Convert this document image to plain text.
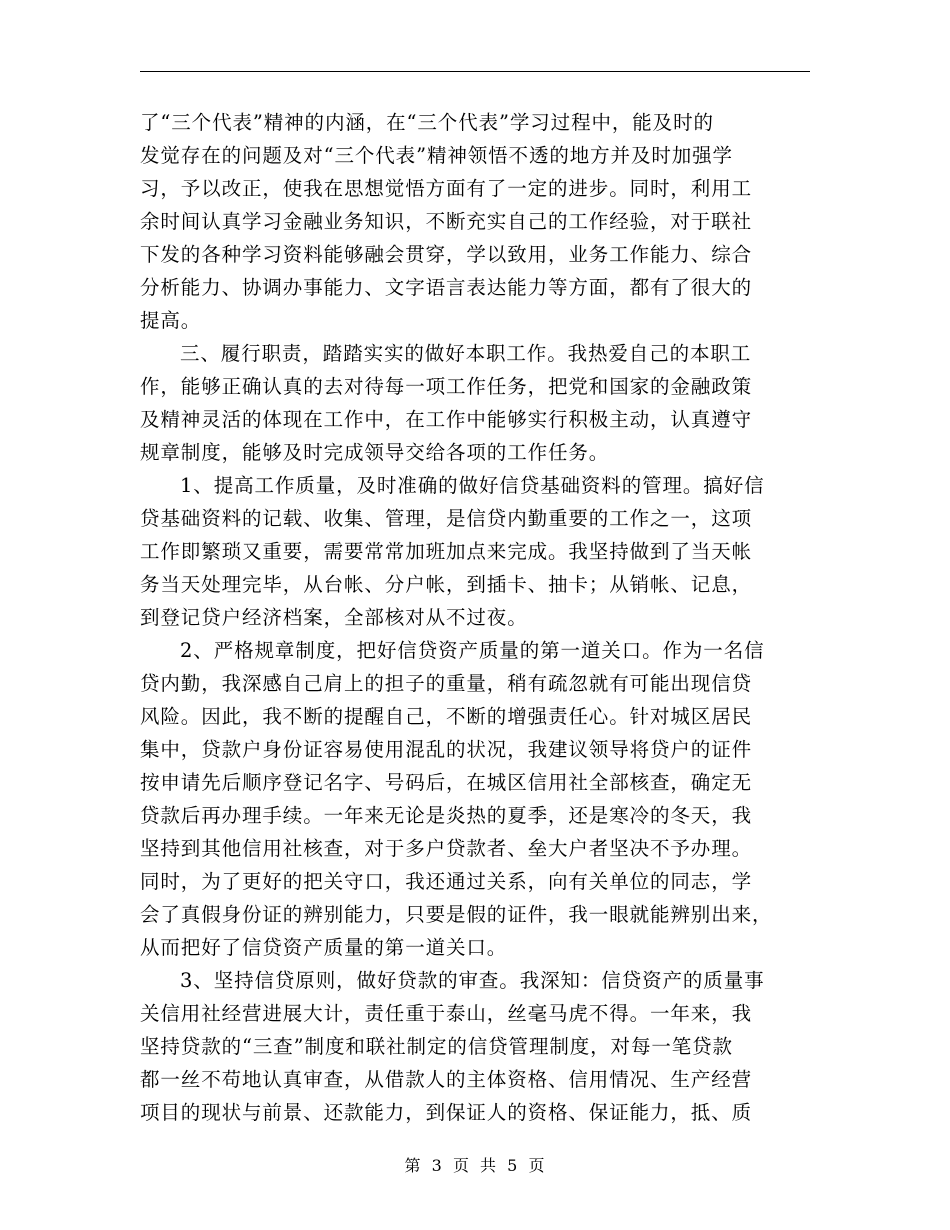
了“三个代表”精神的内涵，在“三个代表”学习过程中，能及时的
发觉存在的问题及对“三个代表”精神领悟不透的地方并及时加强学
习，予以改正，使我在思想觉悟方面有了一定的进步。同时，利用工
余时间认真学习金融业务知识，不断充实自己的工作经验，对于联社
下发的各种学习资料能够融会贯穿，学以致用，业务工作能力、综合
分析能力、协调办事能力、文字语言表达能力等方面，都有了很大的
提高。
三、履行职责，踏踏实实的做好本职工作。我热爱自己的本职工
作，能够正确认真的去对待每一项工作任务，把党和国家的金融政策
及精神灵活的体现在工作中，在工作中能够实行积极主动，认真遵守
规章制度，能够及时完成领导交给各项的工作任务。
1、提高工作质量，及时准确的做好信贷基础资料的管理。搞好信
贷基础资料的记载、收集、管理，是信贷内勤重要的工作之一，这项
工作即繁琐又重要，需要常常加班加点来完成。我坚持做到了当天帐
务当天处理完毕，从台帐、分户帐，到插卡、抽卡；从销帐、记息，
到登记贷户经济档案，全部核对从不过夜。
2、严格规章制度，把好信贷资产质量的第一道关口。作为一名信
贷内勤，我深感自己肩上的担子的重量，稍有疏忽就有可能出现信贷
风险。因此，我不断的提醒自己，不断的增强责任心。针对城区居民
集中，贷款户身份证容易使用混乱的状况，我建议领导将贷户的证件
按申请先后顺序登记名字、号码后，在城区信用社全部核查，确定无
贷款后再办理手续。一年来无论是炎热的夏季，还是寒冷的冬天，我
坚持到其他信用社核查，对于多户贷款者、垒大户者坚决不予办理。
同时，为了更好的把关守口，我还通过关系，向有关单位的同志，学
会了真假身份证的辨别能力，只要是假的证件，我一眼就能辨别出来，
从而把好了信贷资产质量的第一道关口。
3、坚持信贷原则，做好贷款的审查。我深知：信贷资产的质量事
关信用社经营进展大计，责任重于泰山，丝毫马虎不得。一年来，我
坚持贷款的“三查”制度和联社制定的信贷管理制度，对每一笔贷款
都一丝不苟地认真审查，从借款人的主体资格、信用情况、生产经营
项目的现状与前景、还款能力，到保证人的资格、保证能力，抵、质
第 3 页 共 5 页
